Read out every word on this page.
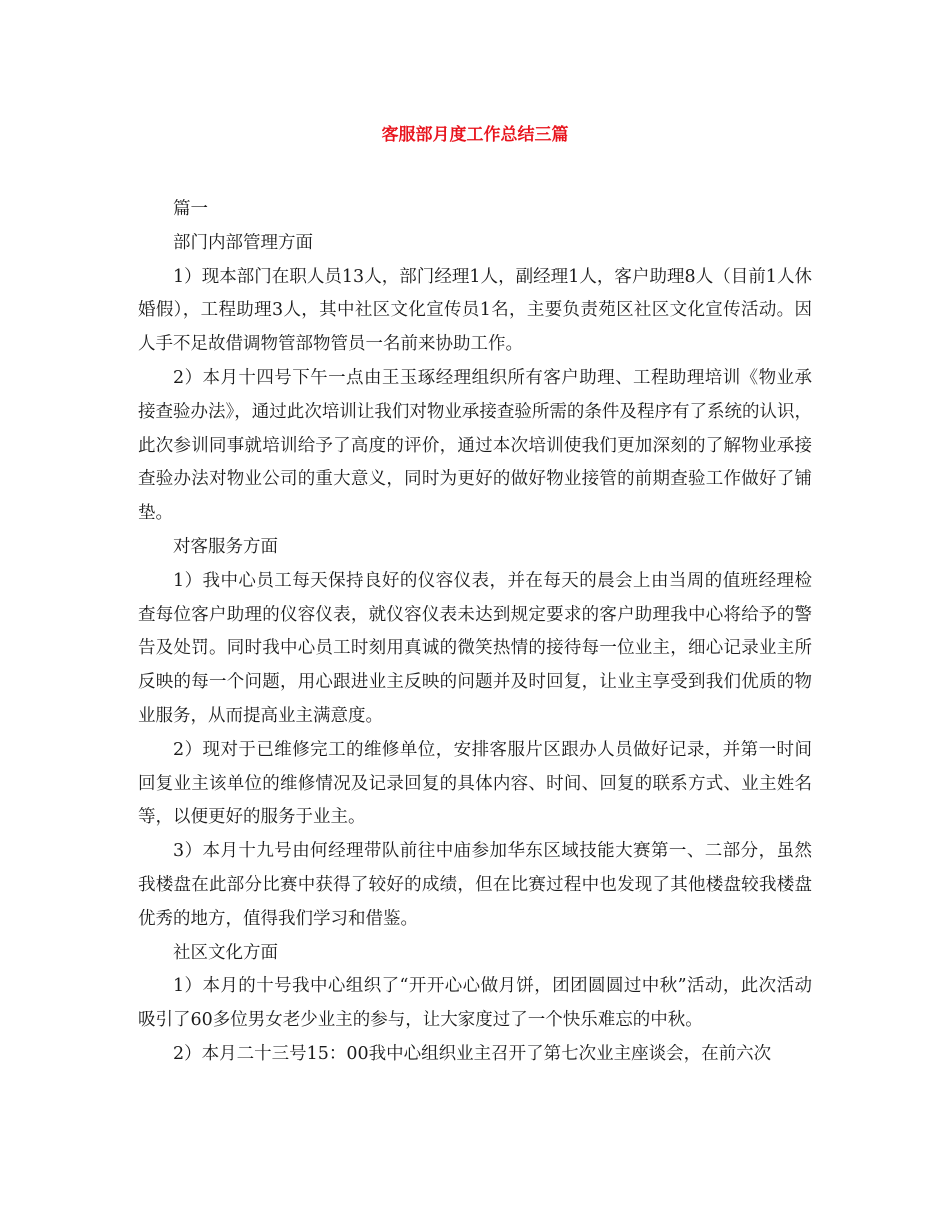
客服部月度工作总结三篇

篇一

部门内部管理方面

1）现本部门在职人员13人，部门经理1人，副经理1人，客户助理8人（目前1人休婚假），工程助理3人，其中社区文化宣传员1名，主要负责苑区社区文化宣传活动。因人手不足故借调物管部物管员一名前来协助工作。

2）本月十四号下午一点由王玉琢经理组织所有客户助理、工程助理培训《物业承接查验办法》，通过此次培训让我们对物业承接查验所需的条件及程序有了系统的认识，此次参训同事就培训给予了高度的评价，通过本次培训使我们更加深刻的了解物业承接查验办法对物业公司的重大意义，同时为更好的做好物业接管的前期查验工作做好了铺垫。

对客服务方面

1）我中心员工每天保持良好的仪容仪表，并在每天的晨会上由当周的值班经理检查每位客户助理的仪容仪表，就仪容仪表未达到规定要求的客户助理我中心将给予的警告及处罚。同时我中心员工时刻用真诚的微笑热情的接待每一位业主，细心记录业主所反映的每一个问题，用心跟进业主反映的问题并及时回复，让业主享受到我们优质的物业服务，从而提高业主满意度。

2）现对于已维修完工的维修单位，安排客服片区跟办人员做好记录，并第一时间回复业主该单位的维修情况及记录回复的具体内容、时间、回复的联系方式、业主姓名等，以便更好的服务于业主。

3）本月十九号由何经理带队前往中庙参加华东区域技能大赛第一、二部分，虽然我楼盘在此部分比赛中获得了较好的成绩，但在比赛过程中也发现了其他楼盘较我楼盘优秀的地方，值得我们学习和借鉴。

社区文化方面

1）本月的十号我中心组织了“开开心心做月饼，团团圆圆过中秋”活动，此次活动吸引了60多位男女老少业主的参与，让大家度过了一个快乐难忘的中秋。

2）本月二十三号15：00我中心组织业主召开了第七次业主座谈会，在前六次
